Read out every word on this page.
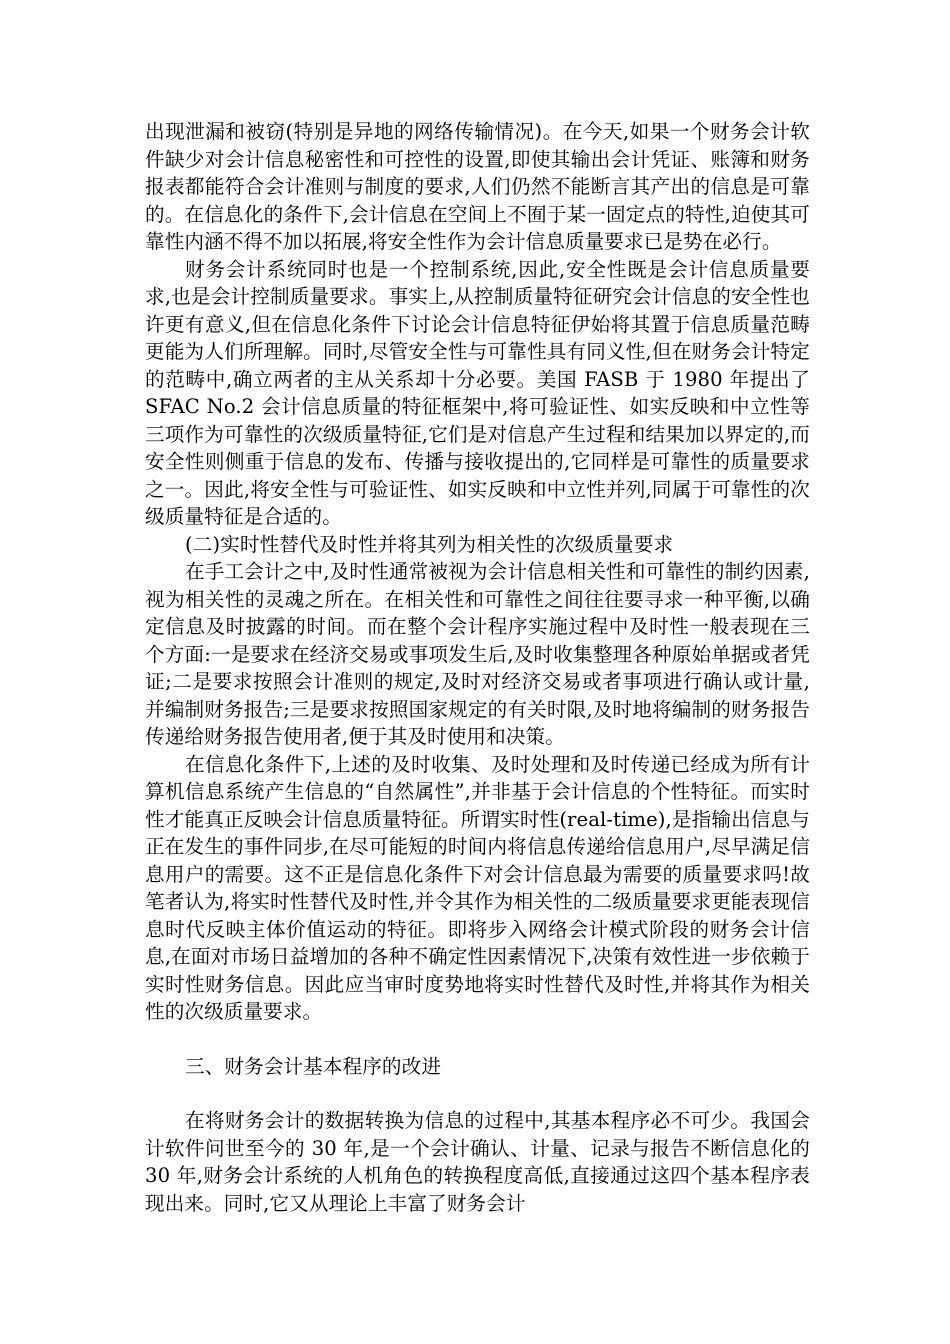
出现泄漏和被窃(特别是异地的网络传输情况)。在今天,如果一个财务会计软件缺少对会计信息秘密性和可控性的设置,即使其输出会计凭证、账簿和财务报表都能符合会计准则与制度的要求,人们仍然不能断言其产出的信息是可靠的。在信息化的条件下,会计信息在空间上不囿于某一固定点的特性,迫使其可靠性内涵不得不加以拓展,将安全性作为会计信息质量要求已是势在必行。

财务会计系统同时也是一个控制系统,因此,安全性既是会计信息质量要求,也是会计控制质量要求。事实上,从控制质量特征研究会计信息的安全性也许更有意义,但在信息化条件下讨论会计信息特征伊始将其置于信息质量范畴更能为人们所理解。同时,尽管安全性与可靠性具有同义性,但在财务会计特定的范畴中,确立两者的主从关系却十分必要。美国 FASB 于 1980 年提出了 SFAC No.2 会计信息质量的特征框架中,将可验证性、如实反映和中立性等三项作为可靠性的次级质量特征,它们是对信息产生过程和结果加以界定的,而安全性则侧重于信息的发布、传播与接收提出的,它同样是可靠性的质量要求之一。因此,将安全性与可验证性、如实反映和中立性并列,同属于可靠性的次级质量特征是合适的。

(二)实时性替代及时性并将其列为相关性的次级质量要求

在手工会计之中,及时性通常被视为会计信息相关性和可靠性的制约因素,视为相关性的灵魂之所在。在相关性和可靠性之间往往要寻求一种平衡,以确定信息及时披露的时间。而在整个会计程序实施过程中及时性一般表现在三个方面:一是要求在经济交易或事项发生后,及时收集整理各种原始单据或者凭证;二是要求按照会计准则的规定,及时对经济交易或者事项进行确认或计量,并编制财务报告;三是要求按照国家规定的有关时限,及时地将编制的财务报告传递给财务报告使用者,便于其及时使用和决策。

在信息化条件下,上述的及时收集、及时处理和及时传递已经成为所有计算机信息系统产生信息的“自然属性”,并非基于会计信息的个性特征。而实时性才能真正反映会计信息质量特征。所谓实时性(real-time),是指输出信息与正在发生的事件同步,在尽可能短的时间内将信息传递给信息用户,尽早满足信息用户的需要。这不正是信息化条件下对会计信息最为需要的质量要求吗!故笔者认为,将实时性替代及时性,并令其作为相关性的二级质量要求更能表现信息时代反映主体价值运动的特征。即将步入网络会计模式阶段的财务会计信息,在面对市场日益增加的各种不确定性因素情况下,决策有效性进一步依赖于实时性财务信息。因此应当审时度势地将实时性替代及时性,并将其作为相关性的次级质量要求。

三、财务会计基本程序的改进

在将财务会计的数据转换为信息的过程中,其基本程序必不可少。我国会计软件问世至今的 30 年,是一个会计确认、计量、记录与报告不断信息化的 30 年,财务会计系统的人机角色的转换程度高低,直接通过这四个基本程序表现出来。同时,它又从理论上丰富了财务会计
